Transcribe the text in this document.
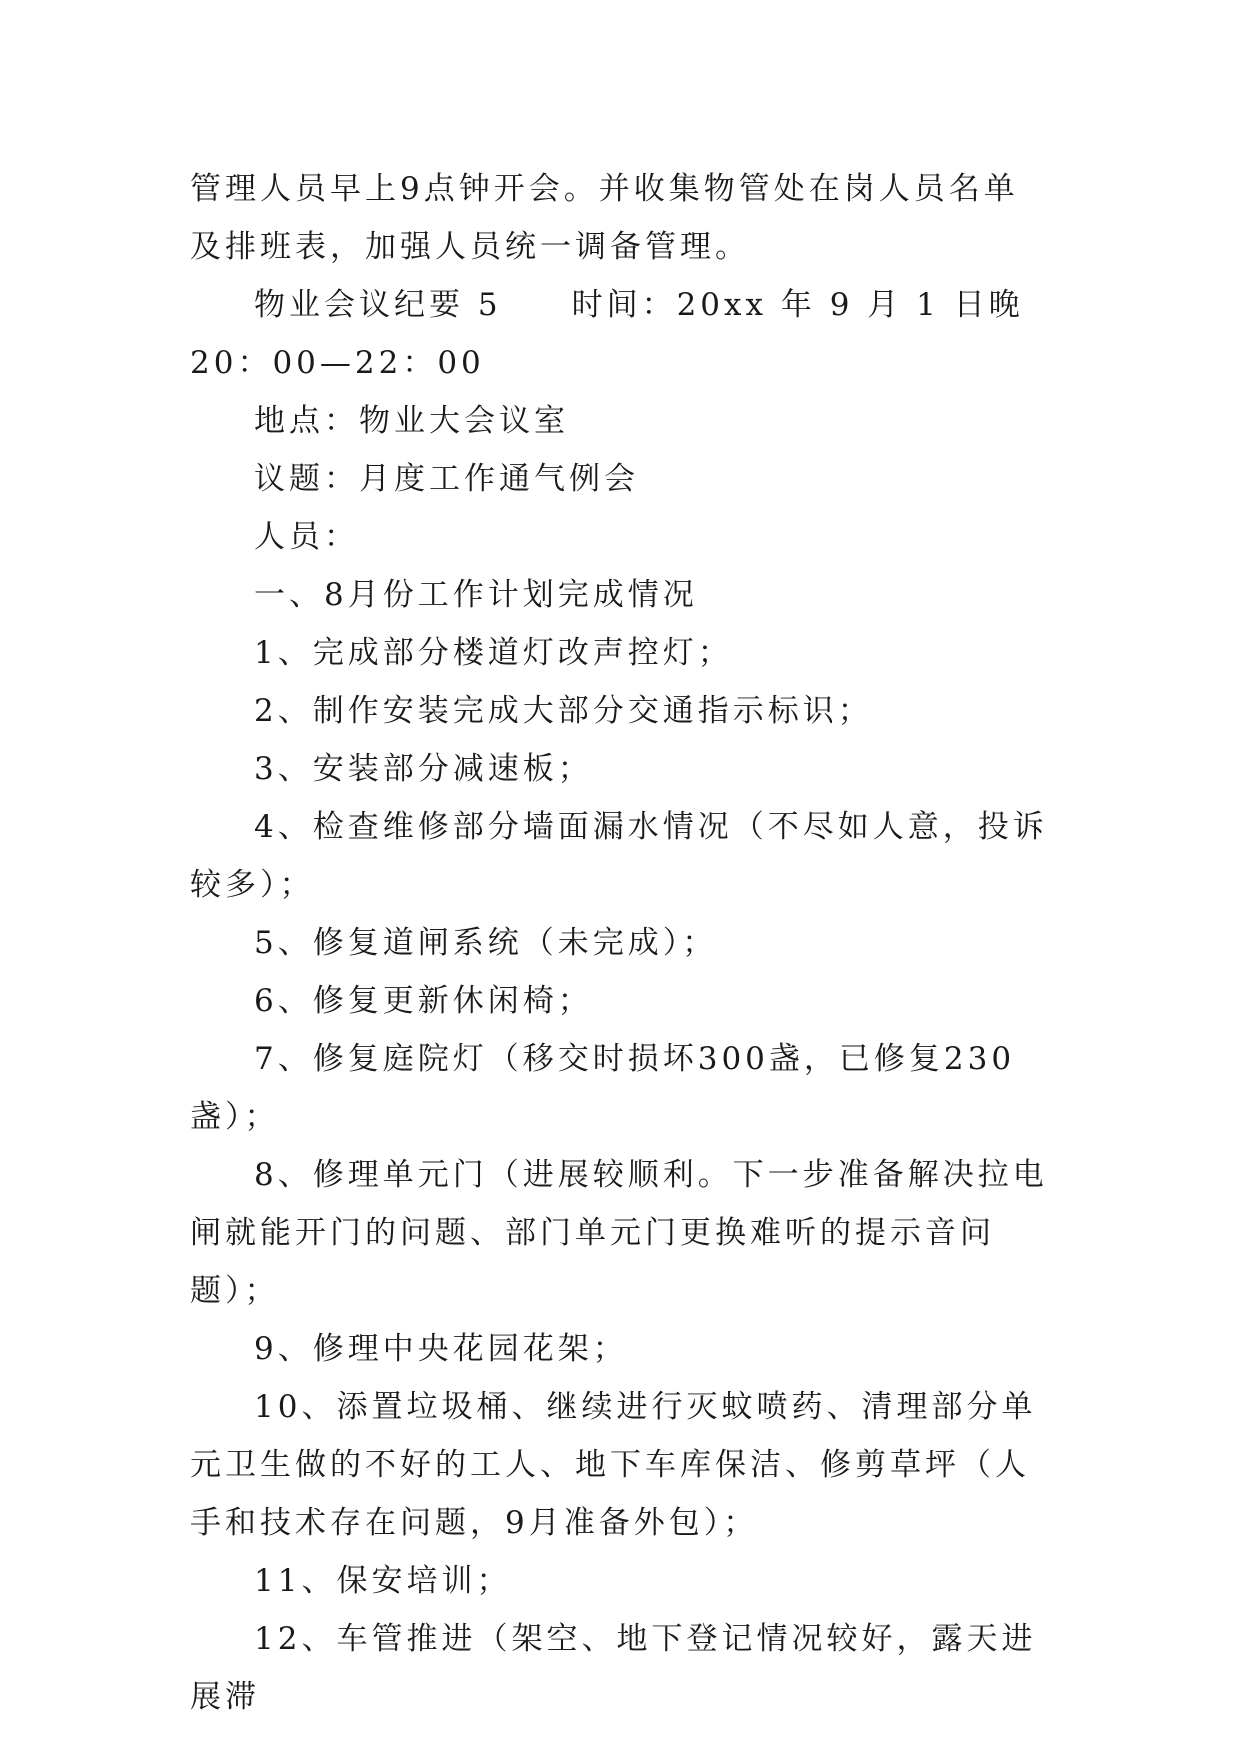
管理人员早上9点钟开会。并收集物管处在岗人员名单及排班表，加强人员统一调备管理。

物业会议纪要 5　　时间：20xx 年 9 月 1 日晚 20：00—22：00

地点：物业大会议室

议题：月度工作通气例会

人员：

一、8月份工作计划完成情况

1、完成部分楼道灯改声控灯；

2、制作安装完成大部分交通指示标识；

3、安装部分减速板；

4、检查维修部分墙面漏水情况（不尽如人意，投诉较多）；

5、修复道闸系统（未完成）；

6、修复更新休闲椅；

7、修复庭院灯（移交时损坏300盏，已修复230盏）；

8、修理单元门（进展较顺利。下一步准备解决拉电闸就能开门的问题、部门单元门更换难听的提示音问题）；

9、修理中央花园花架；

10、添置垃圾桶、继续进行灭蚊喷药、清理部分单元卫生做的不好的工人、地下车库保洁、修剪草坪（人手和技术存在问题，9月准备外包）；

11、保安培训；

12、车管推进（架空、地下登记情况较好，露天进展滞
